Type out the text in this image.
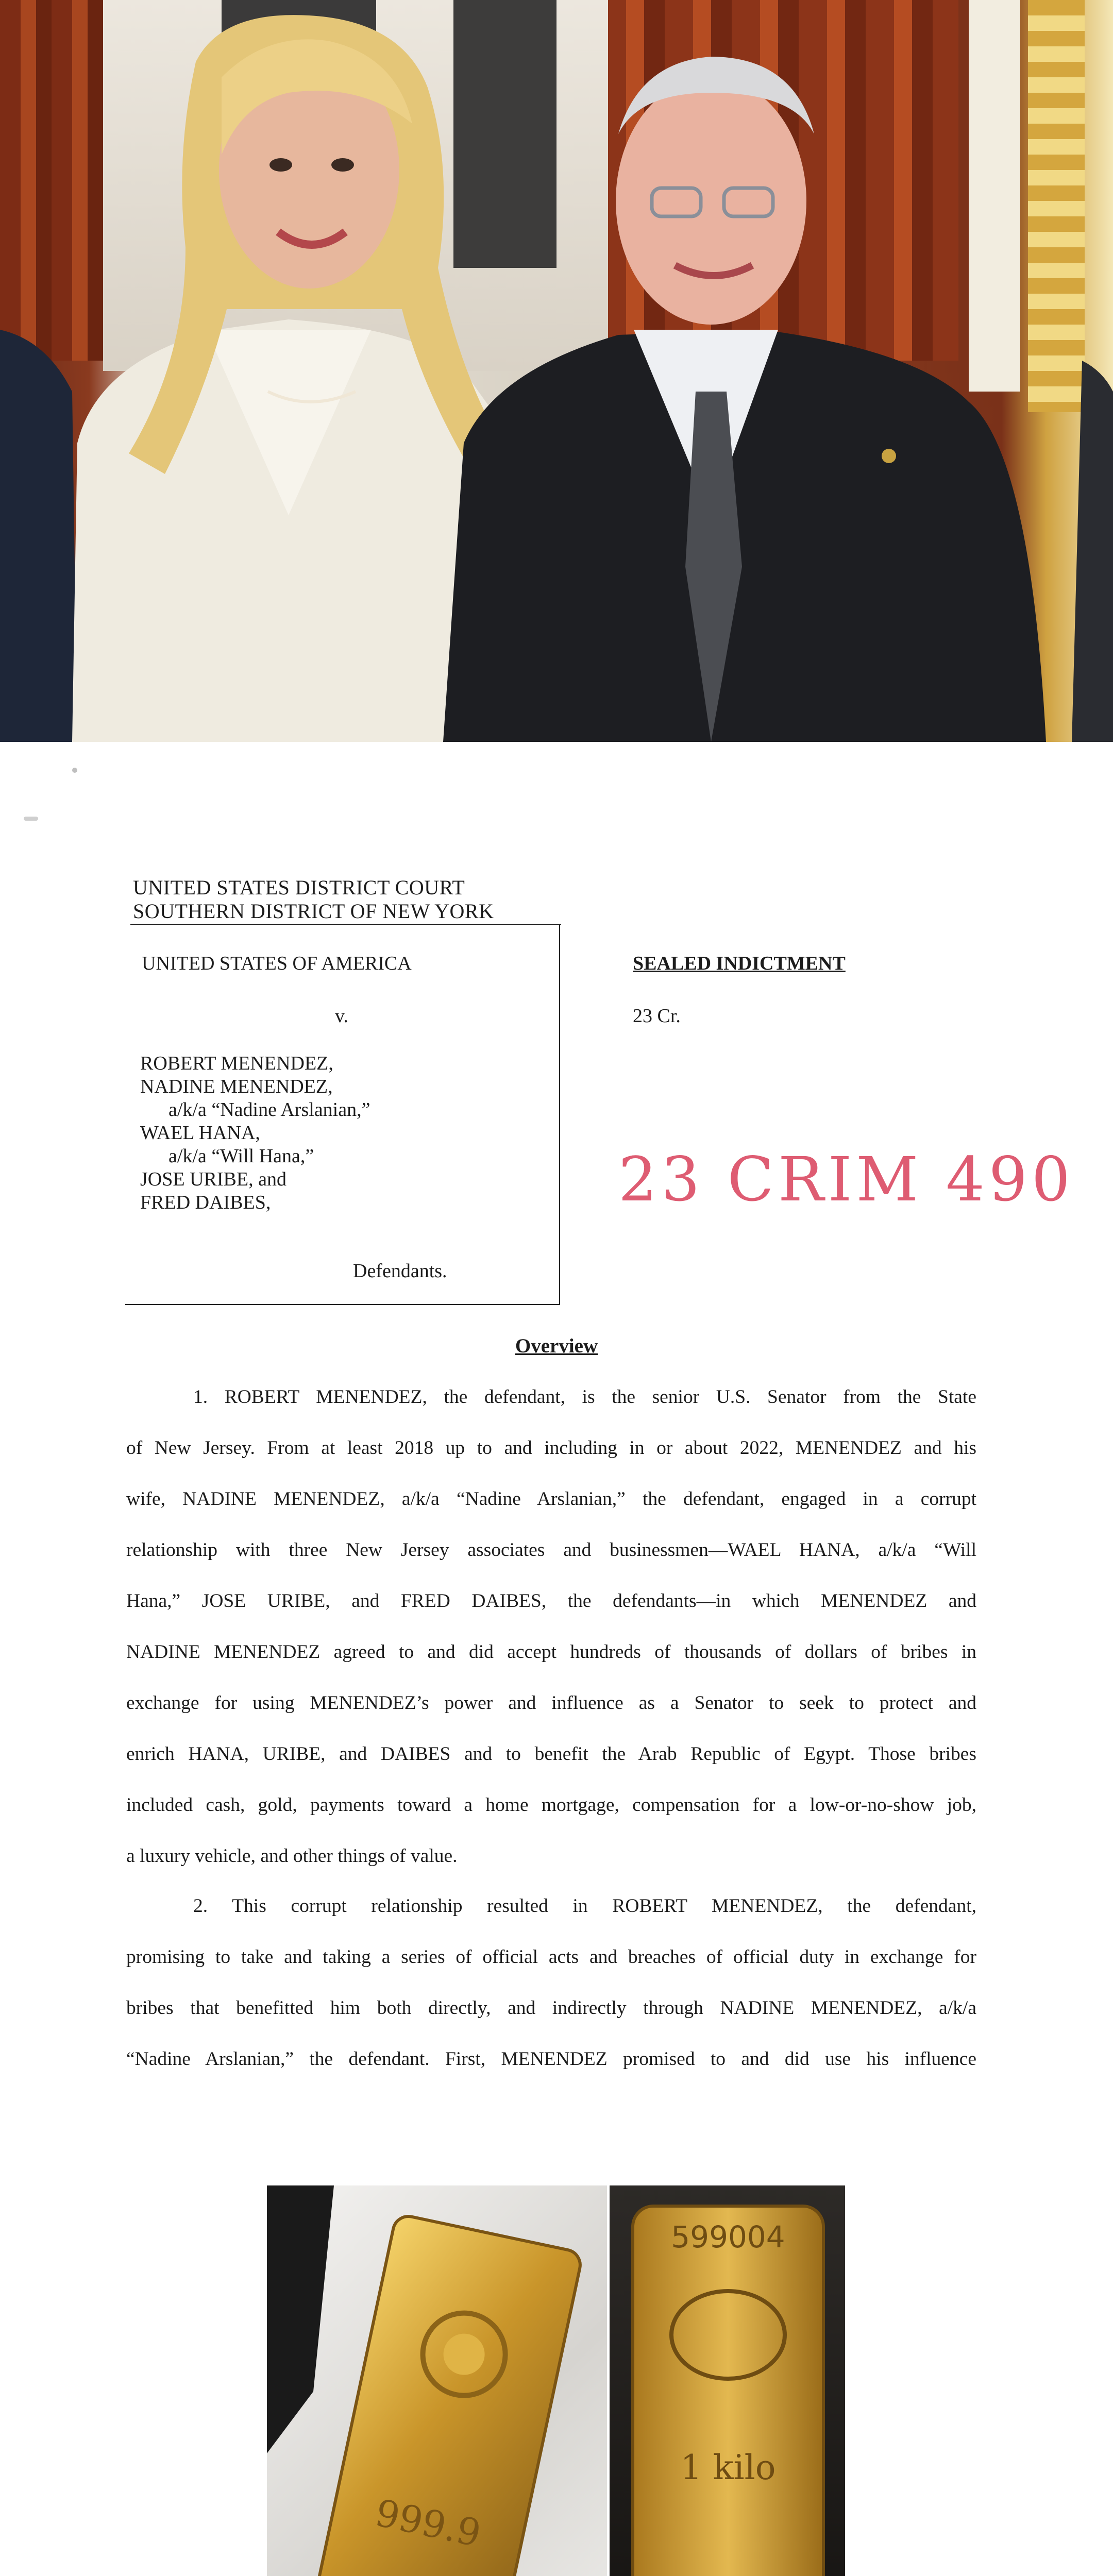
UNITED STATES DISTRICT COURT
SOUTHERN DISTRICT OF NEW YORK
UNITED STATES OF AMERICA
v.
ROBERT MENENDEZ,
NADINE MENENDEZ,
a/k/a “Nadine Arslanian,”
WAEL HANA,
a/k/a “Will Hana,”
JOSE URIBE, and
FRED DAIBES,
Defendants.
SEALED INDICTMENT
23 Cr.
23 CRIM 490
Overview
1. ROBERT MENENDEZ, the defendant, is the senior U.S. Senator from the State
of New Jersey. From at least 2018 up to and including in or about 2022, MENENDEZ and his
wife, NADINE MENENDEZ, a/k/a “Nadine Arslanian,” the defendant, engaged in a corrupt
relationship with three New Jersey associates and businessmen—WAEL HANA, a/k/a “Will
Hana,” JOSE URIBE, and FRED DAIBES, the defendants—in which MENENDEZ and
NADINE MENENDEZ agreed to and did accept hundreds of thousands of dollars of bribes in
exchange for using MENENDEZ’s power and influence as a Senator to seek to protect and
enrich HANA, URIBE, and DAIBES and to benefit the Arab Republic of Egypt. Those bribes
included cash, gold, payments toward a home mortgage, compensation for a low-or-no-show job,
a luxury vehicle, and other things of value.
2. This corrupt relationship resulted in ROBERT MENENDEZ, the defendant,
promising to take and taking a series of official acts and breaches of official duty in exchange for
bribes that benefitted him both directly, and indirectly through NADINE MENENDEZ, a/k/a
“Nadine Arslanian,” the defendant. First, MENENDEZ promised to and did use his influence
999.9
599004
1 kilo
